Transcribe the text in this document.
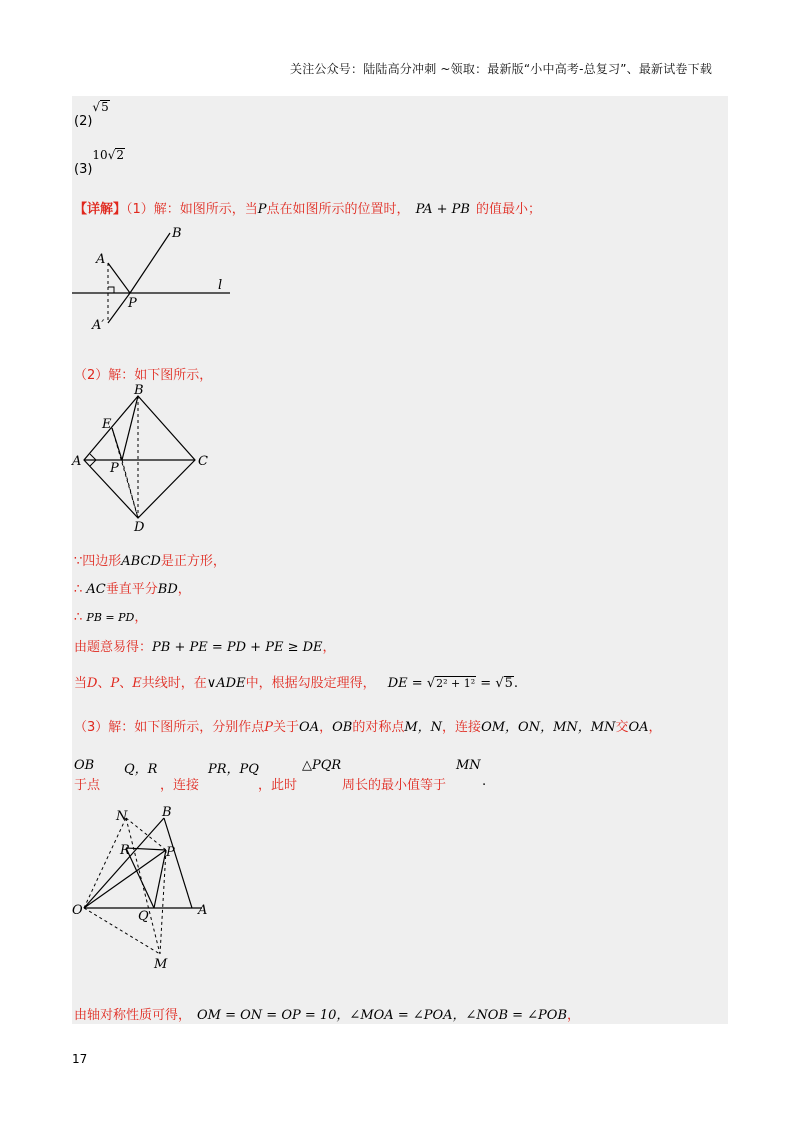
关注公众号：陆陆高分冲刺 ~领取：最新版“小中高考-总复习”、最新试卷下载
(2)√5
(3)10√2
【详解】（1）解：如图所示，当P点在如图所示的位置时， PA + PB 的值最小；
A
B
P
l
A′
（2）解：如下图所示，
B
C
D
A
E
P
∵四边形ABCD是正方形，
∴ AC垂直平分BD，
∴ PB = PD，
由题意易得：PB + PE = PD + PE ≥ DE，
当D、P、E共线时，在∨ADE中，根据勾股定理得， DE = √2² + 1² = √5.
（3）解：如下图所示，分别作点P关于OA，OB的对称点M，N，连接OM，ON，MN，MN交OA，
OB
于点
Q，R
，连接
PR，PQ
，此时
△PQR
周长的最小值等于
MN
.
N	B
R	P
O	Q	A
M
由轴对称性质可得， OM = ON = OP = 10，∠MOA = ∠POA，∠NOB = ∠POB，
17
